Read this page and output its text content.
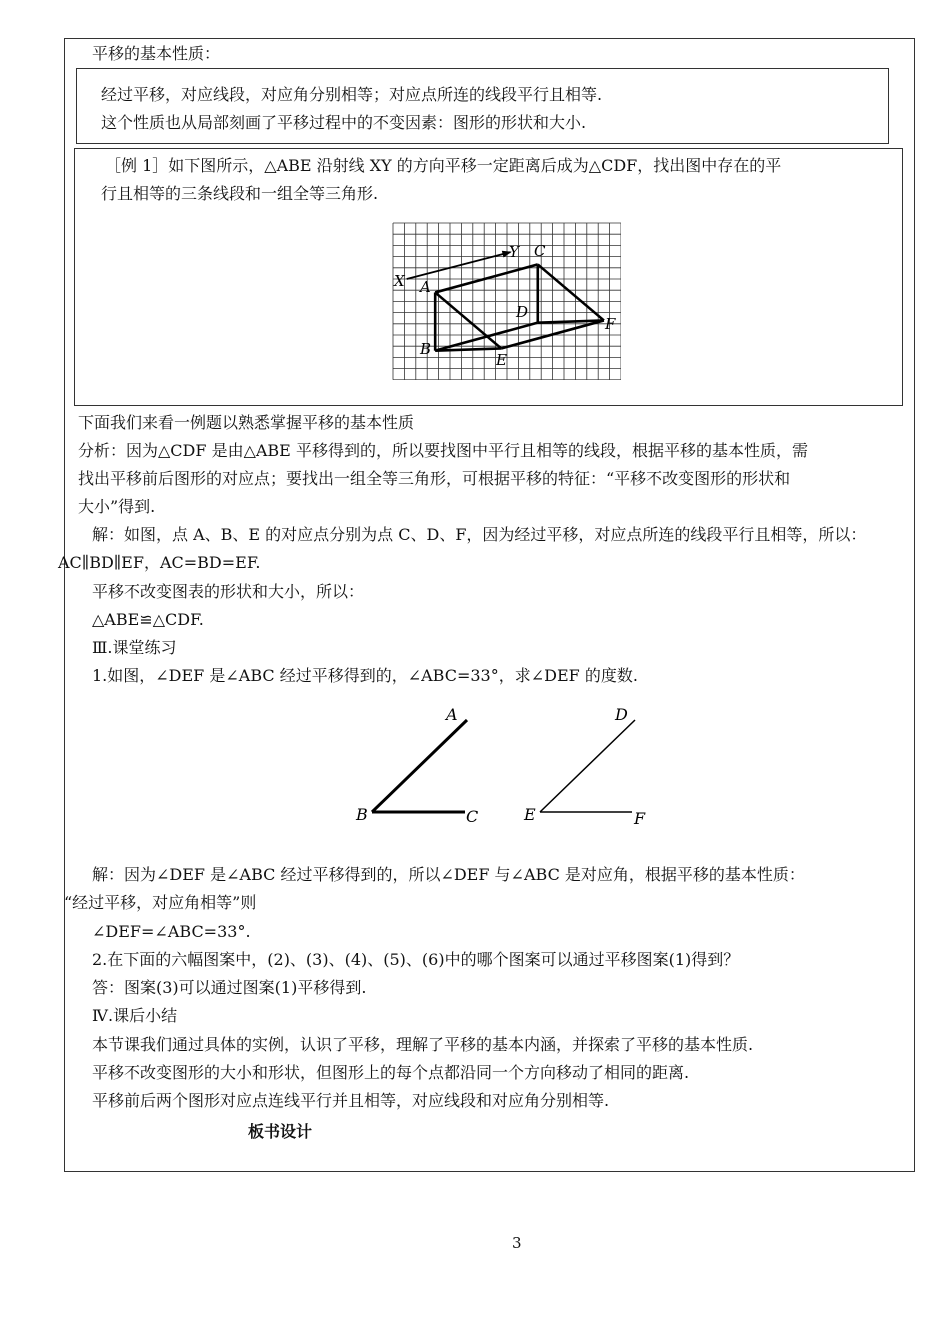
平移的基本性质：
经过平移，对应线段，对应角分别相等；对应点所连的线段平行且相等.
这个性质也从局部刻画了平移过程中的不变因素：图形的形状和大小.
［例 1］如下图所示，△ABE 沿射线 XY 的方向平移一定距离后成为△CDF，找出图中存在的平
行且相等的三条线段和一组全等三角形.
X
Y
A
C
D
F
B
E
下面我们来看一例题以熟悉掌握平移的基本性质
分析：因为△CDF 是由△ABE 平移得到的，所以要找图中平行且相等的线段，根据平移的基本性质，需
找出平移前后图形的对应点；要找出一组全等三角形，可根据平移的特征：“平移不改变图形的形状和
大小”得到.
解：如图，点 A、B、E 的对应点分别为点 C、D、F，因为经过平移，对应点所连的线段平行且相等，所以：
AC∥BD∥EF，AC=BD=EF.
平移不改变图表的形状和大小，所以：
△ABE≌△CDF.
Ⅲ.课堂练习
1.如图，∠DEF 是∠ABC 经过平移得到的，∠ABC=33°，求∠DEF 的度数.
A
B	C
D
E	F
解：因为∠DEF 是∠ABC 经过平移得到的，所以∠DEF 与∠ABC 是对应角，根据平移的基本性质：
“经过平移，对应角相等”则
∠DEF=∠ABC=33°.
2.在下面的六幅图案中，(2)、(3)、(4)、(5)、(6)中的哪个图案可以通过平移图案(1)得到？
答：图案(3)可以通过图案(1)平移得到.
Ⅳ.课后小结
本节课我们通过具体的实例，认识了平移，理解了平移的基本内涵，并探索了平移的基本性质.
平移不改变图形的大小和形状，但图形上的每个点都沿同一个方向移动了相同的距离.
平移前后两个图形对应点连线平行并且相等，对应线段和对应角分别相等.
板书设计
3
